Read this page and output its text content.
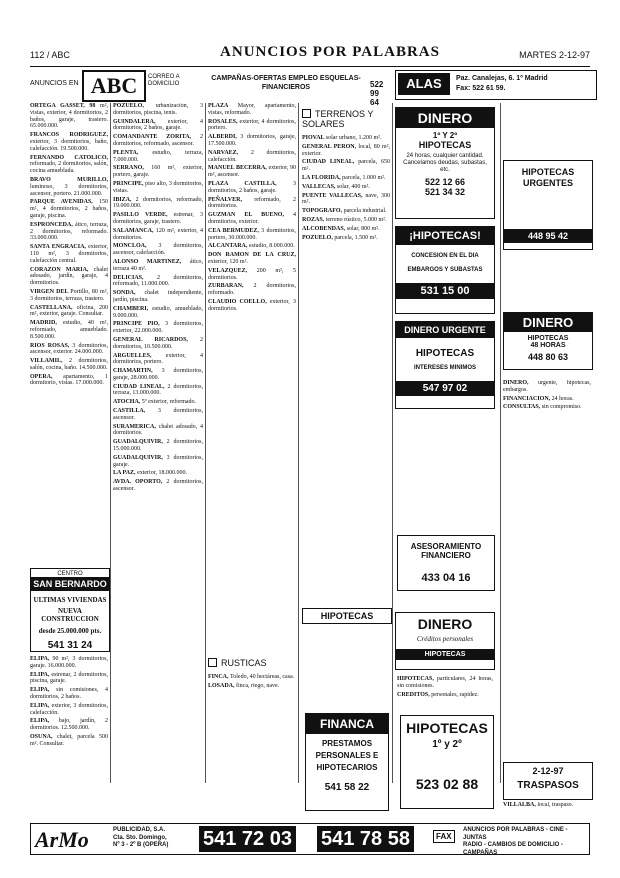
112 / ABC	ANUNCIOS POR PALABRAS	MARTES 2-12-97
ANUNCIOS EN ABC	CORREO A DOMICILIO
CAMPAÑAS-OFERTAS EMPLEO ESQUELAS-FINANCIEROS	522 99 64
ALAS	Paz. Canalejas, 6. 1º Madrid
Fax: 522 61 59.

ORTEGA GASSET, 98 m², vistas, exterior, 4 dormitorios, 2 baños, garaje, trastero. 65.000.000.

FRANCOS RODRIGUEZ, exterior, 3 dormitorios, baño, calefacción. 19.500.000.

FERNANDO CATOLICO, reformado, 2 dormitorios, salón, cocina amueblada.

BRAVO MURILLO, luminoso, 3 dormitorios, ascensor, portero. 21.000.000.

PARQUE AVENIDAS, 150 m², 4 dormitorios, 2 baños, garaje, piscina.

ESPRONCEDA, ático, terraza, 2 dormitorios, reformado. 33.000.000.

SANTA ENGRACIA, exterior, 110 m², 3 dormitorios, calefacción central.

CORAZON MARIA, chalet adosado, jardín, garaje, 4 dormitorios.

VIRGEN DEL Portillo, 80 m², 3 dormitorios, terraza, trastero.

CASTELLANA, oficina, 200 m², exterior, garaje. Consultar.

MADRID, estudio, 40 m², reformado, amueblado. 8.500.000.

RIOS ROSAS, 3 dormitorios, ascensor, exterior. 24.000.000.

VILLAMIL, 2 dormitorios, salón, cocina, baño. 14.500.000.

OPERA, apartamento, 1 dormitorio, vistas. 17.000.000.

CENTRO
SAN BERNARDO
ULTIMAS VIVIENDAS
NUEVA CONSTRUCCION
desde 25.000.000 pts.
541 31 24

ELIPA, 90 m², 3 dormitorios, garaje. 16.000.000.

ELIPA, estrenar, 2 dormitorios, piscina, garaje.

ELIPA, sin comisiones, 4 dormitorios, 2 baños.

ELIPA, exterior, 3 dormitorios, calefacción.

ELIPA, bajo, jardín, 2 dormitorios. 12.500.000.

OSUNA, chalet, parcela 500 m². Consultar.

POZUELO, urbanización, 3 dormitorios, piscina, tenis.

GUINDALERA, exterior, 4 dormitorios, 2 baños, garaje.

COMANDANTE ZORITA, 2 dormitorios, reformado, ascensor.

PLENTA, estudio, terraza, 7.000.000.

SERRANO, 160 m², exterior, portero, garaje.

PRINCIPE, piso alto, 3 dormitorios, vistas.

IBIZA, 2 dormitorios, reformado, 19.000.000.

PASILLO VERDE, estrenar, 3 dormitorios, garaje, trastero.

SALAMANCA, 120 m², exterior, 4 dormitorios.

MONCLOA, 3 dormitorios, ascensor, calefacción.

ALONSO MARTINEZ, ático, terraza 40 m².

DELICIAS, 2 dormitorios, reformado, 11.000.000.

SONDA, chalet independiente, jardín, piscina.

CHAMBERI, estudio, amueblado, 9.000.000.

PRINCIPE PIO, 3 dormitorios, exterior, 22.000.000.

GENERAL RICARDOS, 2 dormitorios, 10.500.000.

ARGUELLES, exterior, 4 dormitorios, portero.

CHAMARTIN, 3 dormitorios, garaje, 28.000.000.

CIUDAD LINEAL, 2 dormitorios, terraza, 13.000.000.

ATOCHA, 5º exterior, reformado.

CASTILLA, 3 dormitorios, ascensor.

SURAMERICA, chalet adosado, 4 dormitorios.

GUADALQUIVIR, 2 dormitorios, 15.000.000.

GUADALQUIVIR, 3 dormitorios, garaje.

LA PAZ, exterior, 18.000.000.

AVDA. OPORTO, 2 dormitorios, ascensor.

PLAZA Mayor, apartamento, vistas, reformado.

ROSALES, exterior, 4 dormitorios, portero.

ALBERDI, 3 dormitorios, garaje, 17.500.000.

NARVAEZ, 2 dormitorios, calefacción.

MANUEL BECERRA, exterior, 90 m², ascensor.

PLAZA CASTILLA, 3 dormitorios, 2 baños, garaje.

PEÑALVER, reformado, 2 dormitorios.

GUZMAN EL BUENO, 4 dormitorios, exterior.

CEA BERMUDEZ, 3 dormitorios, portero, 30.000.000.

ALCANTARA, estudio, 8.000.000.

DON RAMON DE LA CRUZ, exterior, 120 m².

VELAZQUEZ, 200 m², 5 dormitorios.

ZURBARAN, 2 dormitorios, reformado.

CLAUDIO COELLO, exterior, 3 dormitorios.

TERRENOS Y SOLARES

PIOVAL solar urbano, 1.200 m².

GENERAL PERON, local, 80 m², exterior.

CIUDAD LINEAL, parcela, 650 m².

LA FLORIDA, parcela, 1.000 m².

VALLECAS, solar, 400 m².

PUENTE VALLECAS, nave, 300 m².

TOPOGRAFO, parcela industrial.

ROZAS, terreno rústico, 5.000 m².

ALCOBENDAS, solar, 800 m².

POZUELO, parcela, 1.500 m².

RUSTICAS

FINCA, Toledo, 40 hectáreas, casa.

LOSADA, finca, riego, nave.

HIPOTECAS
FINANCA
PRESTAMOS
PERSONALES E
HIPOTECARIOS
541 58 22
DINERO
1º Y 2º
HIPOTECAS
24 horas, cualquier cantidad. Cancelamos deudas, subastas, etc.
522 12 66
521 34 32
¡HIPOTECAS!
CONCESION EN EL DIA
EMBARGOS Y SUBASTAS
531 15 00
DINERO URGENTE
HIPOTECAS
INTERESES MINIMOS
547 97 02
ASESORAMIENTO FINANCIERO
433 04 16
DINERO
Créditos personales
HIPOTECAS

HIPOTECAS, particulares, 24 horas, sin comisiones.

CREDITOS, personales, rapidez.

HIPOTECAS
1º y 2º
523 02 88
HIPOTECAS URGENTES
448 95 42
DINERO
HIPOTECAS
48 HORAS
448 80 63

DINERO, urgente, hipotecas, embargos.

FINANCIACION, 24 horas.

CONSULTAS, sin compromiso.

2-12-97
TRASPASOS

VILLALBA, local, traspaso.

ArMo	PUBLICIDAD, S.A.
Cta. Sto. Domingo,
Nº 3 - 2º B (OPERA) 541 72 03 541 78 58	FAX
ANUNCIOS POR PALABRAS - CINE - JUNTAS
RADIO - CAMBIOS DE DOMICILIO - CAMPAÑAS
